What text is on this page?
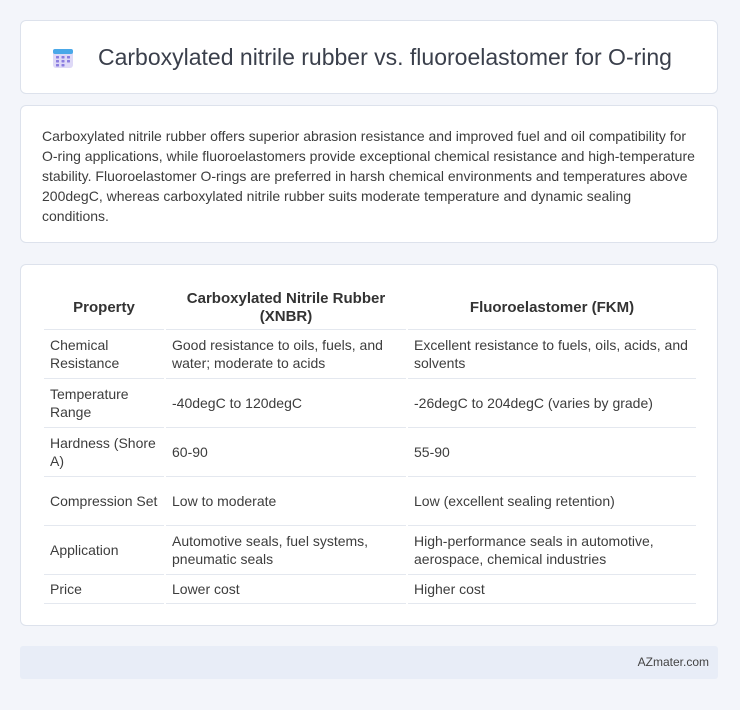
Carboxylated nitrile rubber vs. fluoroelastomer for O-ring

Carboxylated nitrile rubber offers superior abrasion resistance and improved fuel and oil compatibility for O-ring applications, while fluoroelastomers provide exceptional chemical resistance and high-temperature stability. Fluoroelastomer O-rings are preferred in harsh chemical environments and temperatures above 200degC, whereas carboxylated nitrile rubber suits moderate temperature and dynamic sealing conditions.

Property	Carboxylated Nitrile Rubber (XNBR)	Fluoroelastomer (FKM)
Chemical Resistance	Good resistance to oils, fuels, and water; moderate to acids	Excellent resistance to fuels, oils, acids, and solvents
Temperature Range	-40degC to 120degC	-26degC to 204degC (varies by grade)
Hardness (Shore A)	60-90	55-90
Compression Set	Low to moderate	Low (excellent sealing retention)
Application	Automotive seals, fuel systems, pneumatic seals	High-performance seals in automotive, aerospace, chemical industries
Price	Lower cost	Higher cost
AZmater.com
